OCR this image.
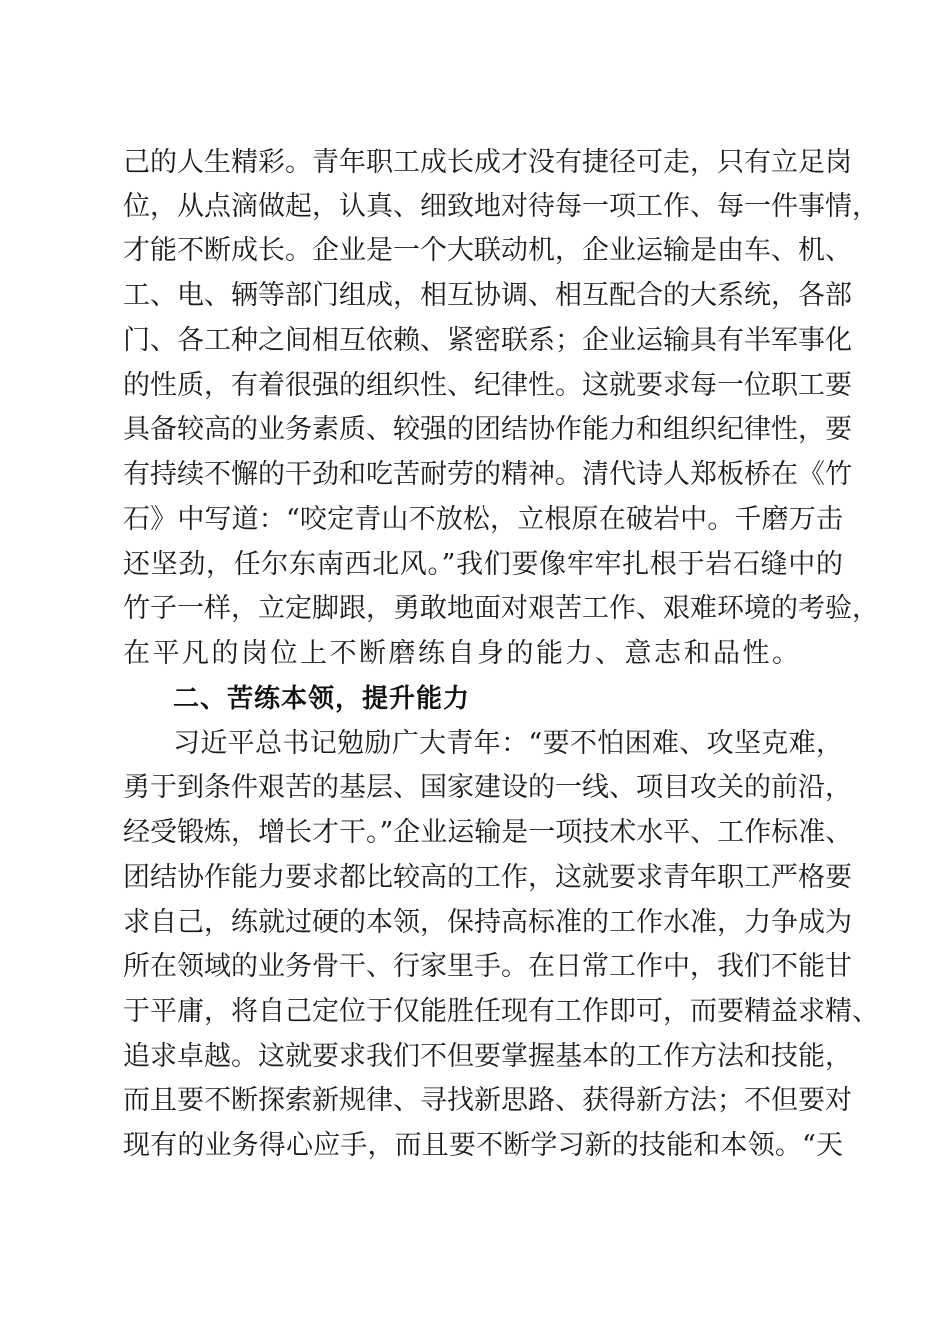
己的人生精彩。青年职工成长成才没有捷径可走，只有立足岗
位，从点滴做起，认真、细致地对待每一项工作、每一件事情，
才能不断成长。企业是一个大联动机，企业运输是由车、机、
工、电、辆等部门组成，相互协调、相互配合的大系统，各部
门、各工种之间相互依赖、紧密联系；企业运输具有半军事化
的性质，有着很强的组织性、纪律性。这就要求每一位职工要
具备较高的业务素质、较强的团结协作能力和组织纪律性，要
有持续不懈的干劲和吃苦耐劳的精神。清代诗人郑板桥在《竹
石》中写道：“咬定青山不放松，立根原在破岩中。千磨万击
还坚劲，任尔东南西北风。”我们要像牢牢扎根于岩石缝中的
竹子一样，立定脚跟，勇敢地面对艰苦工作、艰难环境的考验，
在平凡的岗位上不断磨练自身的能力、意志和品性。
二、苦练本领，提升能力
习近平总书记勉励广大青年：“要不怕困难、攻坚克难，
勇于到条件艰苦的基层、国家建设的一线、项目攻关的前沿，
经受锻炼，增长才干。”企业运输是一项技术水平、工作标准、
团结协作能力要求都比较高的工作，这就要求青年职工严格要
求自己，练就过硬的本领，保持高标准的工作水准，力争成为
所在领域的业务骨干、行家里手。在日常工作中，我们不能甘
于平庸，将自己定位于仅能胜任现有工作即可，而要精益求精、
追求卓越。这就要求我们不但要掌握基本的工作方法和技能，
而且要不断探索新规律、寻找新思路、获得新方法；不但要对
现有的业务得心应手，而且要不断学习新的技能和本领。“天
